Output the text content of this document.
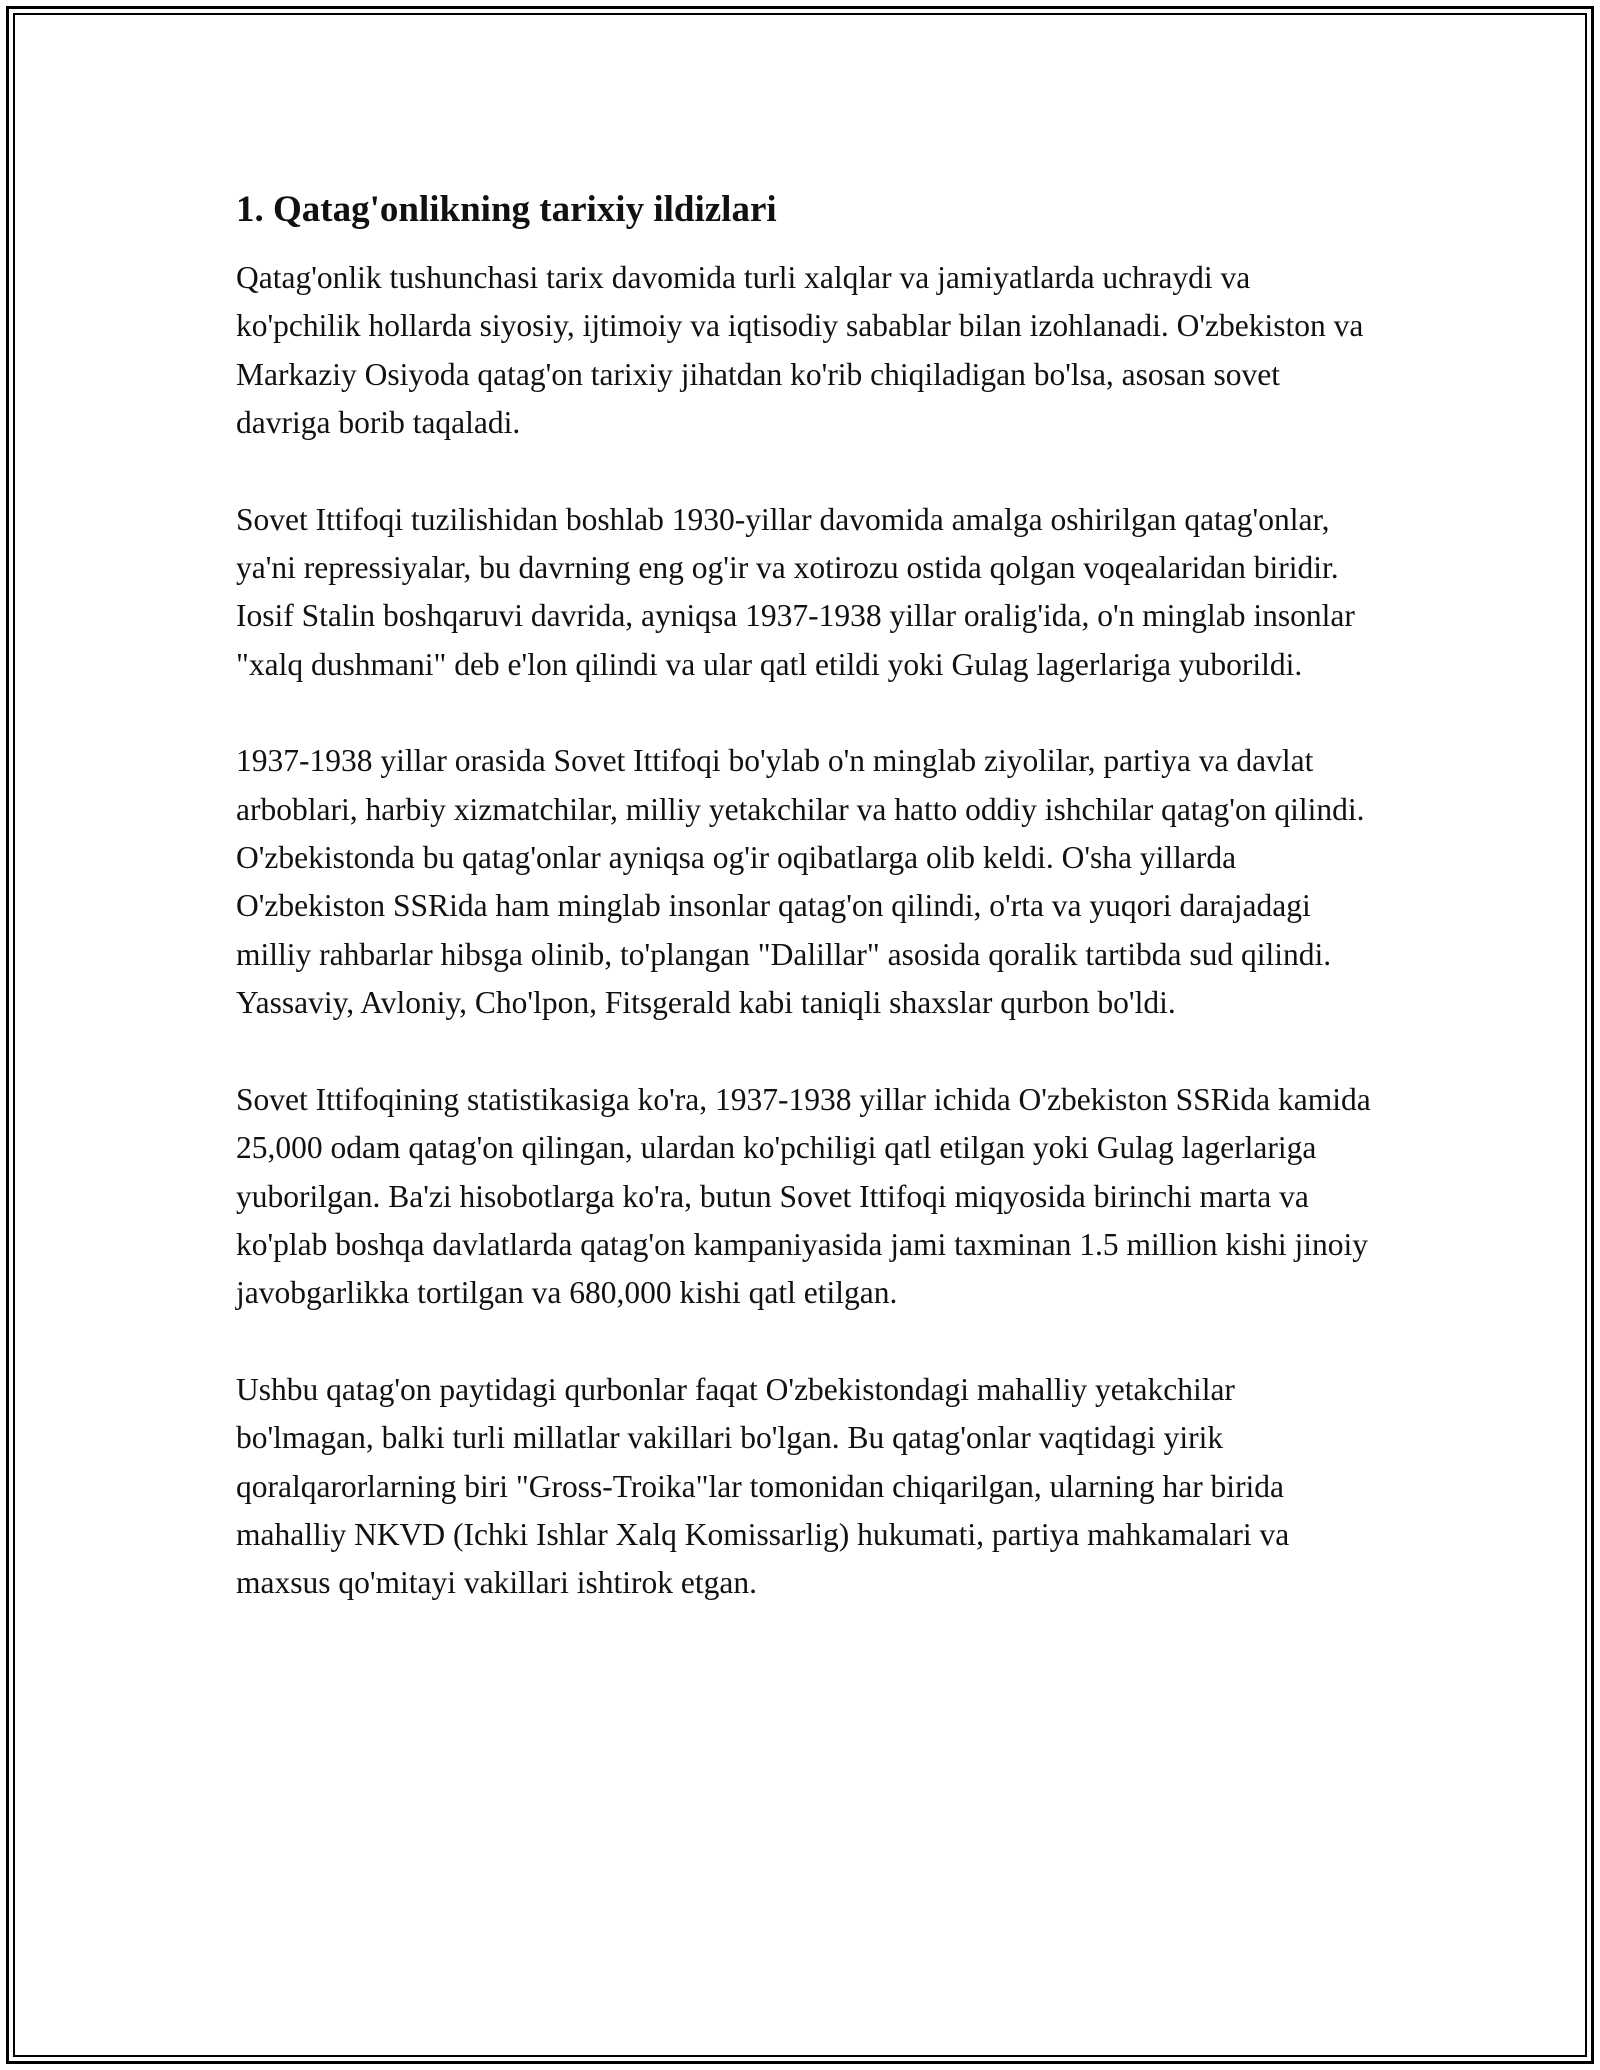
1. Qatag'onlikning tarixiy ildizlari

Qatag'onlik tushunchasi tarix davomida turli xalqlar va jamiyatlarda uchraydi va ko'pchilik hollarda siyosiy, ijtimoiy va iqtisodiy sabablar bilan izohlanadi. O'zbekiston va Markaziy Osiyoda qatag'on tarixiy jihatdan ko'rib chiqiladigan bo'lsa, asosan sovet davriga borib taqaladi.

Sovet Ittifoqi tuzilishidan boshlab 1930-yillar davomida amalga oshirilgan qatag'onlar, ya'ni repressiyalar, bu davrning eng og'ir va xotirozu ostida qolgan voqealaridan biridir. Iosif Stalin boshqaruvi davrida, ayniqsa 1937-1938 yillar oralig'ida, o'n minglab insonlar "xalq dushmani" deb e'lon qilindi va ular qatl etildi yoki Gulag lagerlariga yuborildi.

1937-1938 yillar orasida Sovet Ittifoqi bo'ylab o'n minglab ziyolilar, partiya va davlat arboblari, harbiy xizmatchilar, milliy yetakchilar va hatto oddiy ishchilar qatag'on qilindi. O'zbekistonda bu qatag'onlar ayniqsa og'ir oqibatlarga olib keldi. O'sha yillarda O'zbekiston SSRida ham minglab insonlar qatag'on qilindi, o'rta va yuqori darajadagi milliy rahbarlar hibsga olinib, to'plangan "Dalillar" asosida qoralik tartibda sud qilindi. Yassaviy, Avloniy, Cho'lpon, Fitsgerald kabi taniqli shaxslar qurbon bo'ldi.

Sovet Ittifoqining statistikasiga ko'ra, 1937-1938 yillar ichida O'zbekiston SSRida kamida 25,000 odam qatag'on qilingan, ulardan ko'pchiligi qatl etilgan yoki Gulag lagerlariga yuborilgan. Ba'zi hisobotlarga ko'ra, butun Sovet Ittifoqi miqyosida birinchi marta va ko'plab boshqa davlatlarda qatag'on kampaniyasida jami taxminan 1.5 million kishi jinoiy javobgarlikka tortilgan va 680,000 kishi qatl etilgan.

Ushbu qatag'on paytidagi qurbonlar faqat O'zbekistondagi mahalliy yetakchilar bo'lmagan, balki turli millatlar vakillari bo'lgan. Bu qatag'onlar vaqtidagi yirik qoralqarorlarning biri "Gross-Troika"lar tomonidan chiqarilgan, ularning har birida mahalliy NKVD (Ichki Ishlar Xalq Komissarlig) hukumati, partiya mahkamalari va maxsus qo'mitayi vakillari ishtirok etgan.
